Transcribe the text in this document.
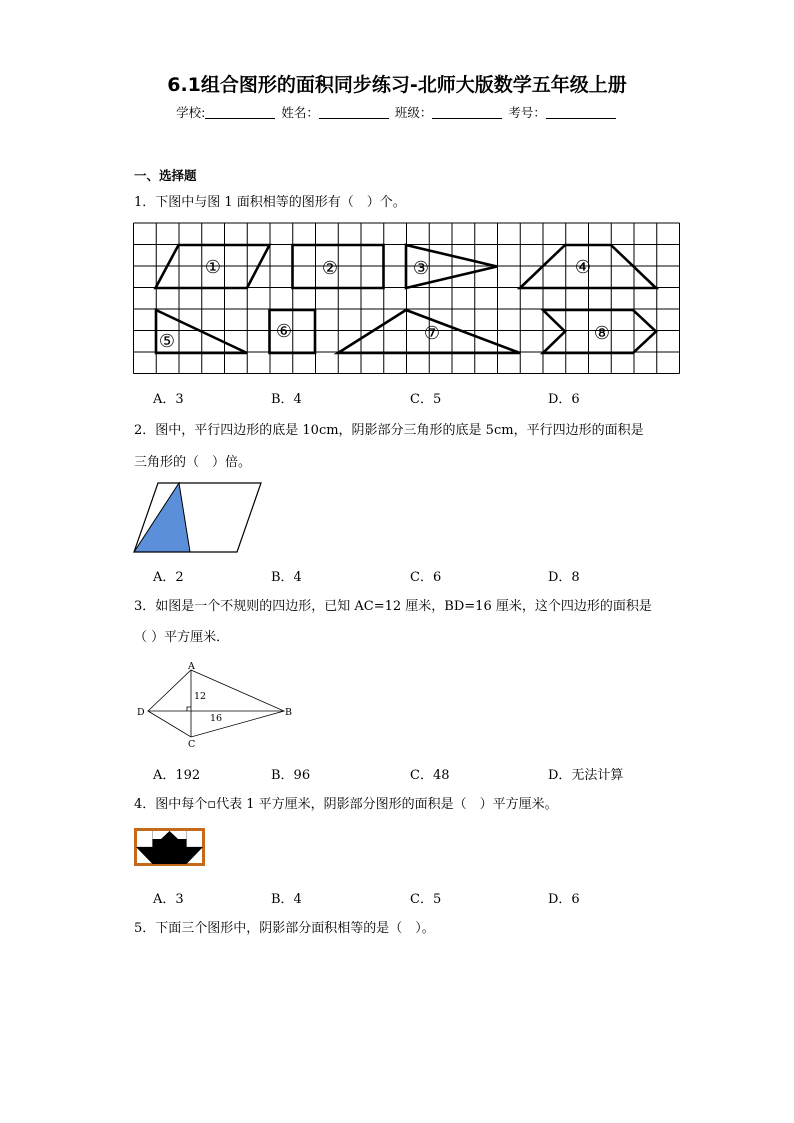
6.1组合图形的面积同步练习-北师大版数学五年级上册
学校:	姓名：	班级：	考号：
一、选择题
1．下图中与图 1 面积相等的图形有（　）个。
①	②	③	④
⑤	⑥	⑦	⑧
A．3	B．4	C．5	D．6
2．图中，平行四边形的底是 10cm，阴影部分三角形的底是 5cm，平行四边形的面积是
三角形的（　）倍。
A．2	B．4	C．6	D．8
3．如图是一个不规则的四边形，已知 AC=12 厘米，BD=16 厘米，这个四边形的面积是
（ ）平方厘米．
A
B
C
D
12
16
A．192	B．96	C．48	D．无法计算
4．图中每个▫代表 1 平方厘米，阴影部分图形的面积是（　）平方厘米。
A．3	B．4	C．5	D．6
5．下面三个图形中，阴影部分面积相等的是（　）。
